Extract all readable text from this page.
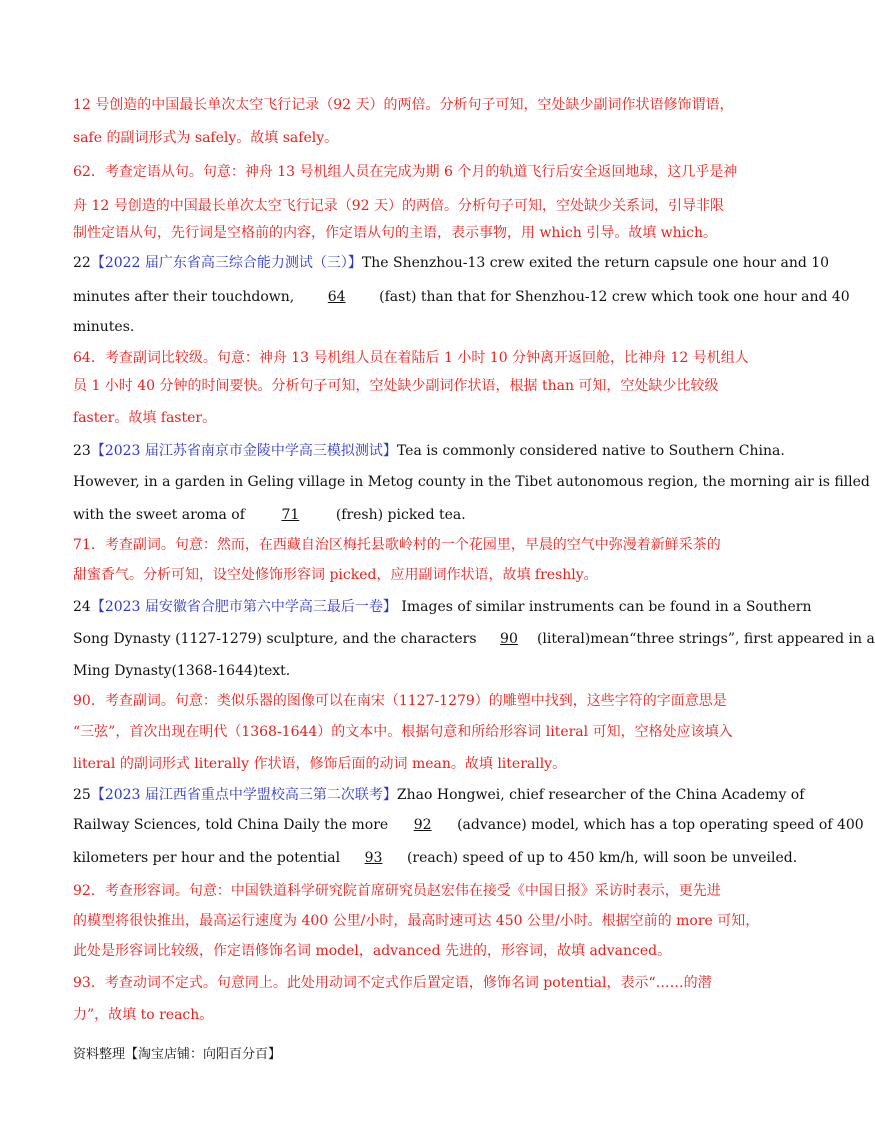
12 号创造的中国最长单次太空飞行记录（92 天）的两倍。分析句子可知，空处缺少副词作状语修饰谓语，
safe 的副词形式为 safely。故填 safely。
62．考查定语从句。句意：神舟 13 号机组人员在完成为期 6 个月的轨道飞行后安全返回地球，这几乎是神
舟 12 号创造的中国最长单次太空飞行记录（92 天）的两倍。分析句子可知，空处缺少关系词，引导非限
制性定语从句，先行词是空格前的内容，作定语从句的主语，表示事物，用 which 引导。故填 which。
22【2022 届广东省高三综合能力测试（三）】The Shenzhou-13 crew exited the return capsule one hour and 10
minutes after their touchdown, 64 (fast) than that for Shenzhou-12 crew which took one hour and 40
minutes.
64．考查副词比较级。句意：神舟 13 号机组人员在着陆后 1 小时 10 分钟离开返回舱，比神舟 12 号机组人
员 1 小时 40 分钟的时间要快。分析句子可知，空处缺少副词作状语，根据 than 可知，空处缺少比较级
faster。故填 faster。
23【2023 届江苏省南京市金陵中学高三模拟测试】Tea is commonly considered native to Southern China.
However, in a garden in Geling village in Metog county in the Tibet autonomous region, the morning air is filled
with the sweet aroma of	71	(fresh) picked tea.
71．考查副词。句意：然而，在西藏自治区梅托县歌岭村的一个花园里，早晨的空气中弥漫着新鲜采茶的
甜蜜香气。分析可知，设空处修饰形容词 picked，应用副词作状语，故填 freshly。
24【2023 届安徽省合肥市第六中学高三最后一卷】 Images of similar instruments can be found in a Southern
Song Dynasty (1127-1279) sculpture, and the characters 90 (literal)mean“three strings”, first appeared in a
Ming Dynasty(1368-1644)text.
90．考查副词。句意：类似乐器的图像可以在南宋（1127-1279）的雕塑中找到，这些字符的字面意思是
“三弦”，首次出现在明代（1368-1644）的文本中。根据句意和所给形容词 literal 可知，空格处应该填入
literal 的副词形式 literally 作状语，修饰后面的动词 mean。故填 literally。
25【2023 届江西省重点中学盟校高三第二次联考】Zhao Hongwei, chief researcher of the China Academy of
Railway Sciences, told China Daily the more 92 (advance) model, which has a top operating speed of 400
kilometers per hour and the potential 93 (reach) speed of up to 450 km/h, will soon be unveiled.
92．考查形容词。句意：中国铁道科学研究院首席研究员赵宏伟在接受《中国日报》采访时表示，更先进
的模型将很快推出，最高运行速度为 400 公里/小时，最高时速可达 450 公里/小时。根据空前的 more 可知，
此处是形容词比较级，作定语修饰名词 model，advanced 先进的，形容词，故填 advanced。
93．考查动词不定式。句意同上。此处用动词不定式作后置定语，修饰名词 potential，表示“……的潜
力”，故填 to reach。
资料整理【淘宝店铺：向阳百分百】
